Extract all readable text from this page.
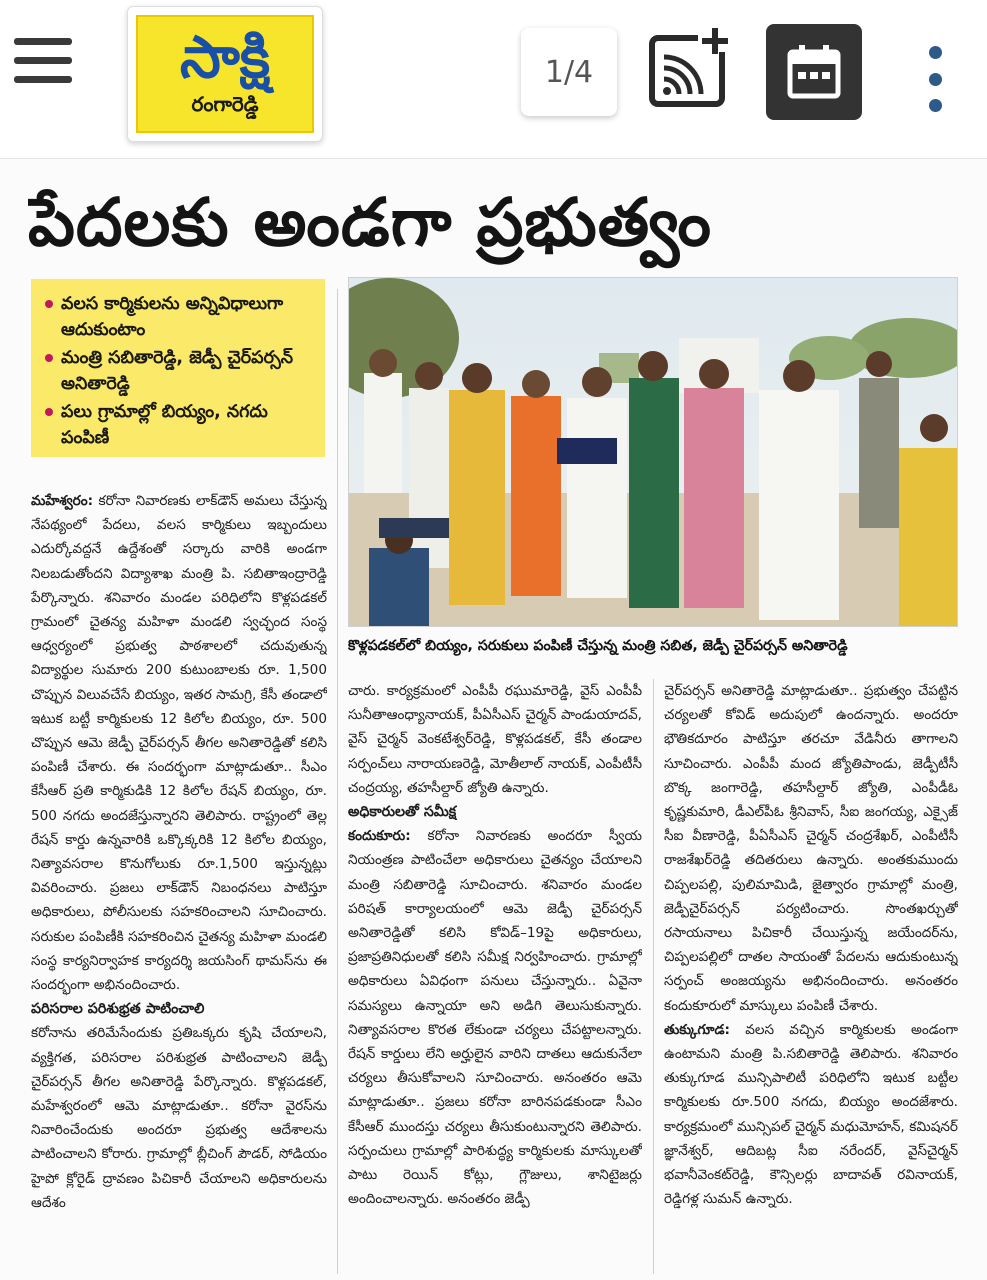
సాక్షి
రంగారెడ్డి
1/4
పేదలకు అండగా ప్రభుత్వం
వలస కార్మికులను అన్నివిధాలుగా ఆదుకుంటాం
మంత్రి సబితారెడ్డి, జెడ్పీ చైర్‌పర్సన్ అనితారెడ్డి
పలు గ్రామాల్లో బియ్యం, నగదు పంపిణీ
కొళ్లపడకల్‌లో బియ్యం, సరుకులు పంపిణీ చేస్తున్న మంత్రి సబిత, జెడ్పీ చైర్‌పర్సన్ అనితారెడ్డి

మహేశ్వరం: కరోనా నివారణకు లాక్‌డౌన్ అమలు చేస్తున్న నేపథ్యంలో పేదలు, వలస కార్మికులు ఇబ్బందులు ఎదుర్కోవద్దనే ఉద్దేశంతో సర్కారు వారికి అండగా నిలబడుతోందని విద్యాశాఖ మంత్రి పి. సబితాఇంద్రారెడ్డి పేర్కొన్నారు. శనివారం మండల పరిధిలోని కొళ్లపడకల్ గ్రామంలో చైతన్య మహిళా మండలి స్వచ్ఛంద సంస్థ ఆధ్వర్యంలో ప్రభుత్వ పాఠశాలలో చదువుతున్న విద్యార్థుల సుమారు 200 కుటుంబాలకు రూ. 1,500 చొప్పున విలువచేసే బియ్యం, ఇతర సామగ్రి, కేసీ తండాలో ఇటుక బట్టీ కార్మికులకు 12 కిలోల బియ్యం, రూ. 500 చొప్పున ఆమె జెడ్పీ చైర్‌పర్సన్ తీగల అనితారెడ్డితో కలిసి పంపిణీ చేశారు. ఈ సందర్భంగా మాట్లాడుతూ.. సీఎం కేసీఆర్ ప్రతి కార్మికుడికి 12 కిలోల రేషన్ బియ్యం, రూ. 500 నగదు అందజేస్తున్నారని తెలిపారు. రాష్ట్రంలో తెల్ల రేషన్ కార్డు ఉన్నవారికి ఒక్కొక్కరికి 12 కిలోల బియ్యం, నిత్యావసరాల కొనుగోలుకు రూ.1,500 ఇస్తున్నట్లు వివరించారు. ప్రజలు లాక్‌డౌన్ నిబంధనలు పాటిస్తూ అధికారులు, పోలీసులకు సహకరించాలని సూచించారు. సరుకుల పంపిణీకి సహకరించిన చైతన్య మహిళా మండలి సంస్థ కార్యనిర్వాహక కార్యదర్శి జయసింగ్ థామస్‌ను ఈ సందర్భంగా అభినందించారు.

పరిసరాల పరిశుభ్రత పాటించాలి

కరోనాను తరిమేసేందుకు ప్రతిఒక్కరు కృషి చేయాలని, వ్యక్తిగత, పరిసరాల పరిశుభ్రత పాటించాలని జెడ్పీ చైర్‌పర్సన్ తీగల అనితారెడ్డి పేర్కొన్నారు. కొళ్లపడకల్, మహేశ్వరంలో ఆమె మాట్లాడుతూ.. కరోనా వైరస్‌ను నివారించేందుకు అందరూ ప్రభుత్వ ఆదేశాలను పాటించాలని కోరారు. గ్రామాల్లో బ్లీచింగ్ పౌడర్, సోడియం హైపో క్లోరైడ్ ద్రావణం పిచికారీ చేయాలని అధికారులను ఆదేశం

చారు. కార్యక్రమంలో ఎంపీపీ రఘుమారెడ్డి, వైస్ ఎంపీపీ సునీతాఆంధ్యానాయక్, పీఏసీఎస్ చైర్మన్ పాండుయాదవ్, వైస్ చైర్మన్ వెంకటేశ్వర్‌రెడ్డి, కొళ్లపడకల్, కేసీ తండాల సర్పంచ్‌లు నారాయణరెడ్డి, మోతీలాల్ నాయక్, ఎంపీటీసీ చంద్రయ్య, తహసీల్దార్ జ్యోతి ఉన్నారు.

అధికారులతో సమీక్ష

కందుకూరు: కరోనా నివారణకు అందరూ స్వీయ నియంత్రణ పాటించేలా అధికారులు చైతన్యం చేయాలని మంత్రి సబితారెడ్డి సూచించారు. శనివారం మండల పరిషత్ కార్యాలయంలో ఆమె జెడ్పీ చైర్‌పర్సన్ అనితారెడ్డితో కలిసి కోవిడ్–19పై అధికారులు, ప్రజాప్రతినిధులతో కలిసి సమీక్ష నిర్వహించారు. గ్రామాల్లో అధికారులు ఏవిధంగా పనులు చేస్తున్నారు.. ఏవైనా సమస్యలు ఉన్నాయా అని అడిగి తెలుసుకున్నారు. నిత్యావసరాల కొరత లేకుండా చర్యలు చేపట్టాలన్నారు. రేషన్ కార్డులు లేని అర్హులైన వారిని దాతలు ఆదుకునేలా చర్యలు తీసుకోవాలని సూచించారు. అనంతరం ఆమె మాట్లాడుతూ.. ప్రజలు కరోనా బారినపడకుండా సీఎం కేసీఆర్ ముందస్తు చర్యలు తీసుకుంటున్నారని తెలిపారు. సర్పంచులు గ్రామాల్లో పారిశుద్ధ్య కార్మికులకు మాస్కులతో పాటు రెయిన్ కోట్లు, గ్లౌజులు, శానిటైజర్లు అందించాలన్నారు. అనంతరం జెడ్పీ

చైర్‌పర్సన్ అనితారెడ్డి మాట్లాడుతూ.. ప్రభుత్వం చేపట్టిన చర్యలతో కోవిడ్ అదుపులో ఉందన్నారు. అందరూ భౌతికదూరం పాటిస్తూ తరచూ వేడినీరు తాగాలని సూచించారు. ఎంపీపీ మంద జ్యోతిపాండు, జెడ్పీటీసీ బొక్క జంగారెడ్డి, తహసీల్దార్ జ్యోతి, ఎంపీడీఓ కృష్ణకుమారి, డీఎల్‌పీఓ శ్రీనివాస్, సీఐ జంగయ్య, ఎక్సైజ్ సీఐ వీణారెడ్డి, పీఏసీఎస్ చైర్మన్ చంద్రశేఖర్, ఎంపీటీసీ రాజశేఖర్‌రెడ్డి తదితరులు ఉన్నారు. అంతకుముందు చిప్పలపల్లి, పులిమామిడి, జైత్వారం గ్రామాల్లో మంత్రి, జెడ్పీచైర్‌పర్సన్ పర్యటించారు. సొంతఖర్చుతో రసాయనాలు పిచికారీ చేయిస్తున్న జయేందర్‌ను, చిప్పలపల్లిలో దాతల సాయంతో పేదలను ఆదుకుంటున్న సర్పంచ్ అంజయ్యను అభినందించారు. అనంతరం కందుకూరులో మాస్కులు పంపిణీ చేశారు.

తుక్కుగూడ: వలస వచ్చిన కార్మికులకు అండంగా ఉంటామని మంత్రి పి.సబితారెడ్డి తెలిపారు. శనివారం తుక్కుగూడ మున్సిపాలిటీ పరిధిలోని ఇటుక బట్టీల కార్మికులకు రూ.500 నగదు, బియ్యం అందజేశారు. కార్యక్రమంలో మున్సిపల్ చైర్మన్ మధుమోహన్, కమిషనర్ జ్ఞానేశ్వర్, ఆదిబట్ల సీఐ నరేందర్, వైస్‌చైర్మన్ భవానీవెంకట్‌రెడ్డి, కౌన్సిలర్లు బాదావత్ రవినాయక్, రెడ్డిగళ్ల సుమన్ ఉన్నారు.
